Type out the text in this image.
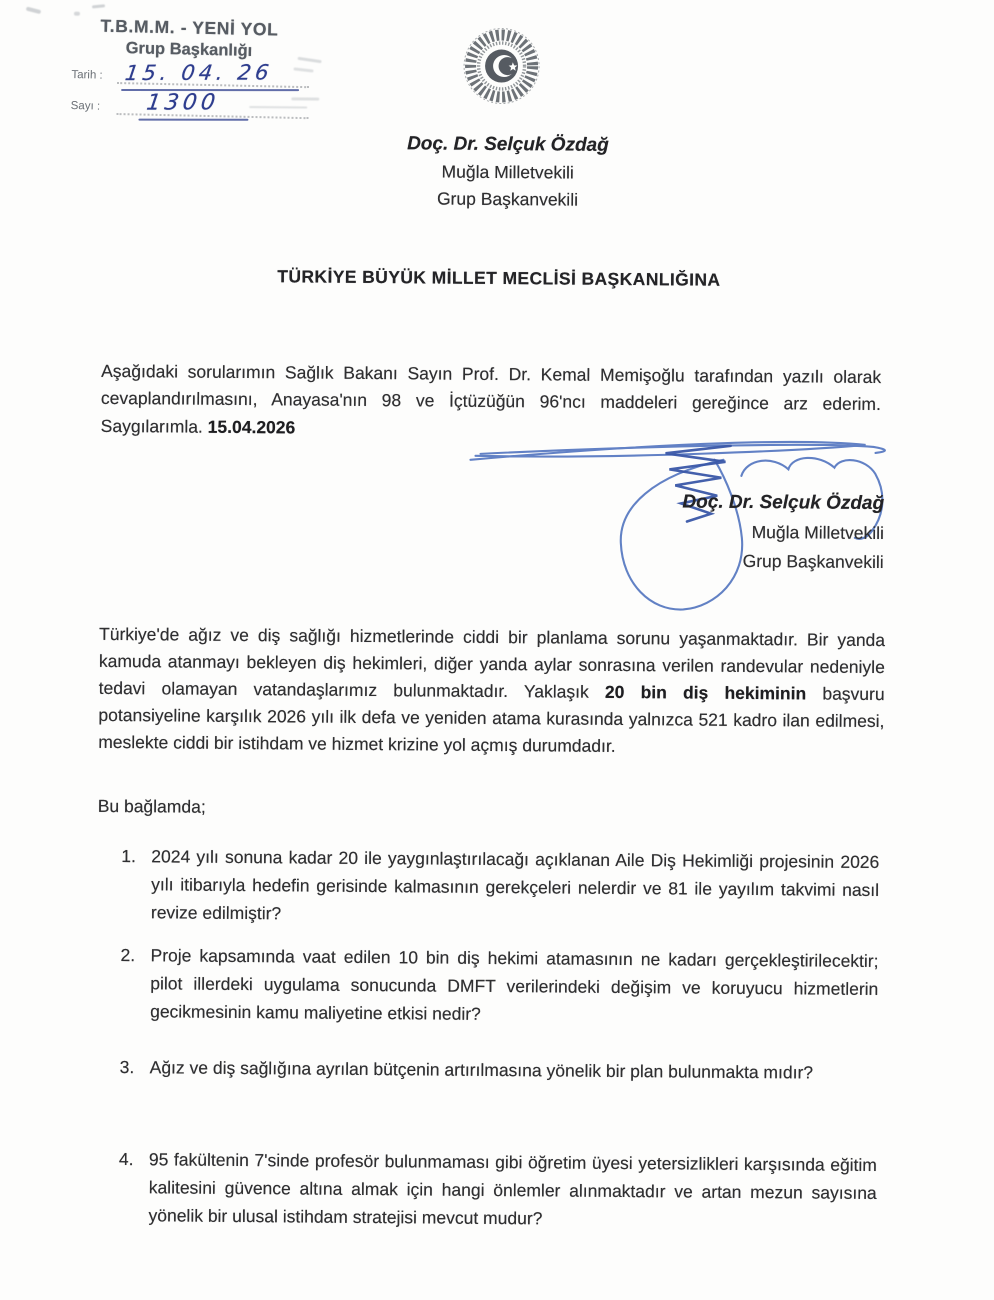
T.B.M.M. - YENİ YOL
Grup Başkanlığı
Tarih : 15. 04. 26
Sayı : 1300
Doç. Dr. Selçuk Özdağ
Muğla Milletvekili
Grup Başkanvekili
TÜRKİYE BÜYÜK MİLLET MECLİSİ BAŞKANLIĞINA

Aşağıdaki sorularımın Sağlık Bakanı Sayın Prof. Dr. Kemal Memişoğlu tarafından yazılı olarak cevaplandırılmasını, Anayasa'nın 98 ve İçtüzüğün 96'ncı maddeleri gereğince arz ederim. Saygılarımla. 15.04.2026

Doç. Dr. Selçuk Özdağ
Muğla Milletvekili
Grup Başkanvekili

Türkiye'de ağız ve diş sağlığı hizmetlerinde ciddi bir planlama sorunu yaşanmaktadır. Bir yanda kamuda atanmayı bekleyen diş hekimleri, diğer yanda aylar sonrasına verilen randevular nedeniyle tedavi olamayan vatandaşlarımız bulunmaktadır. Yaklaşık 20 bin diş hekiminin başvuru potansiyeline karşılık 2026 yılı ilk defa ve yeniden atama kurasında yalnızca 521 kadro ilan edilmesi, meslekte ciddi bir istihdam ve hizmet krizine yol açmış durumdadır.

Bu bağlamda;
1. 2024 yılı sonuna kadar 20 ile yaygınlaştırılacağı açıklanan Aile Diş Hekimliği projesinin 2026 yılı itibarıyla hedefin gerisinde kalmasının gerekçeleri nelerdir ve 81 ile yayılım takvimi nasıl revize edilmiştir?
2. Proje kapsamında vaat edilen 10 bin diş hekimi atamasının ne kadarı gerçekleştirilecektir; pilot illerdeki uygulama sonucunda DMFT verilerindeki değişim ve koruyucu hizmetlerin gecikmesinin kamu maliyetine etkisi nedir?
3. Ağız ve diş sağlığına ayrılan bütçenin artırılmasına yönelik bir plan bulunmakta mıdır?
4. 95 fakültenin 7'sinde profesör bulunmaması gibi öğretim üyesi yetersizlikleri karşısında eğitim kalitesini güvence altına almak için hangi önlemler alınmaktadır ve artan mezun sayısına yönelik bir ulusal istihdam stratejisi mevcut mudur?
